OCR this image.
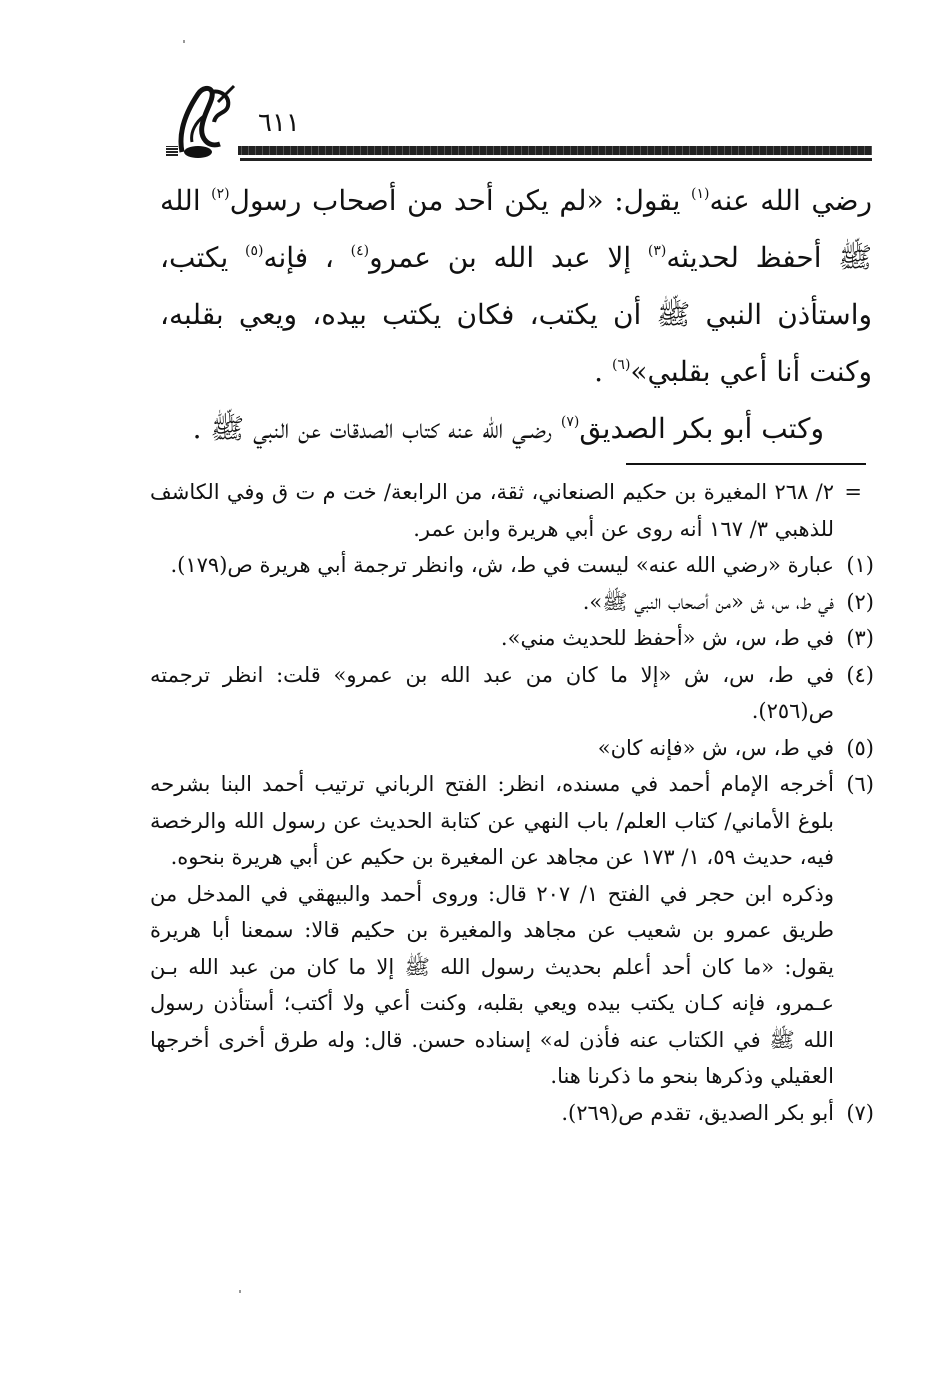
٦١١

رضي الله عنه$^{(١)}$ يقول: «لم يكن أحد من أصحاب رسول$^{(٢)}$ الله ﷺ أحفظ لحديثه$^{(٣)}$ إلا عبد الله بن عمرو$^{(٤)}$ ، فإنه$^{(٥)}$ يكتب، واستأذن النبي ﷺ أن يكتب، فكان يكتب بيده، ويعي بقلبه، وكنت أنا أعي بقلبي»$^{(٦)}$ .

وكتب أبو بكر الصديق$^{(٧)}$ رضـي الله عنه كتاب الصدقات عن النبي ﷺ .

=
٢/ ٢٦٨ المغيرة بن حكيم الصنعاني، ثقة، من الرابعة/ خت م ت ق وفي الكاشف للذهبي ٣/ ١٦٧ أنه روى عن أبي هريرة وابن عمر.
(١)
عبارة «رضي الله عنه» ليست في ط، ش، وانظر ترجمة أبي هريرة ص(١٧٩).
(٢)
في ط، س، ش «من أصحاب النبي ﷺ».
(٣)
في ط، س، ش «أحفظ للحديث مني».
(٤)
في ط، س، ش «إلا ما كان من عبد الله بن عمرو» قلت: انظر ترجمته ص(٢٥٦).
(٥)
في ط، س، ش «فإنه كان»
(٦)
أخرجه الإمام أحمد في مسنده، انظر: الفتح الرباني ترتيب أحمد البنا بشرحه بلوغ الأماني/ كتاب العلم/ باب النهي عن كتابة الحديث عن رسول الله والرخصة فيه، حديث ٥٩، ١/ ١٧٣ عن مجاهد عن المغيرة بن حكيم عن أبي هريرة بنحوه.
وذكره ابن حجر في الفتح ١/ ٢٠٧ قال: وروى أحمد والبيهقي في المدخل من طريق عمرو بن شعيب عن مجاهد والمغيرة بن حكيم قالا: سمعنا أبا هريرة يقول: «ما كان أحد أعلم بحديث رسول الله ﷺ إلا ما كان من عبد الله بـن عـمرو، فإنه كـان يكتب بيده ويعي بقلبه، وكنت أعي ولا أكتب؛ أستأذن رسول الله ﷺ في الكتاب عنه فأذن له» إسناده حسن. قال: وله طرق أخرى أخرجها العقيلي وذكرها بنحو ما ذكرنا هنا.
(٧)
أبو بكر الصديق، تقدم ص(٢٦٩).
